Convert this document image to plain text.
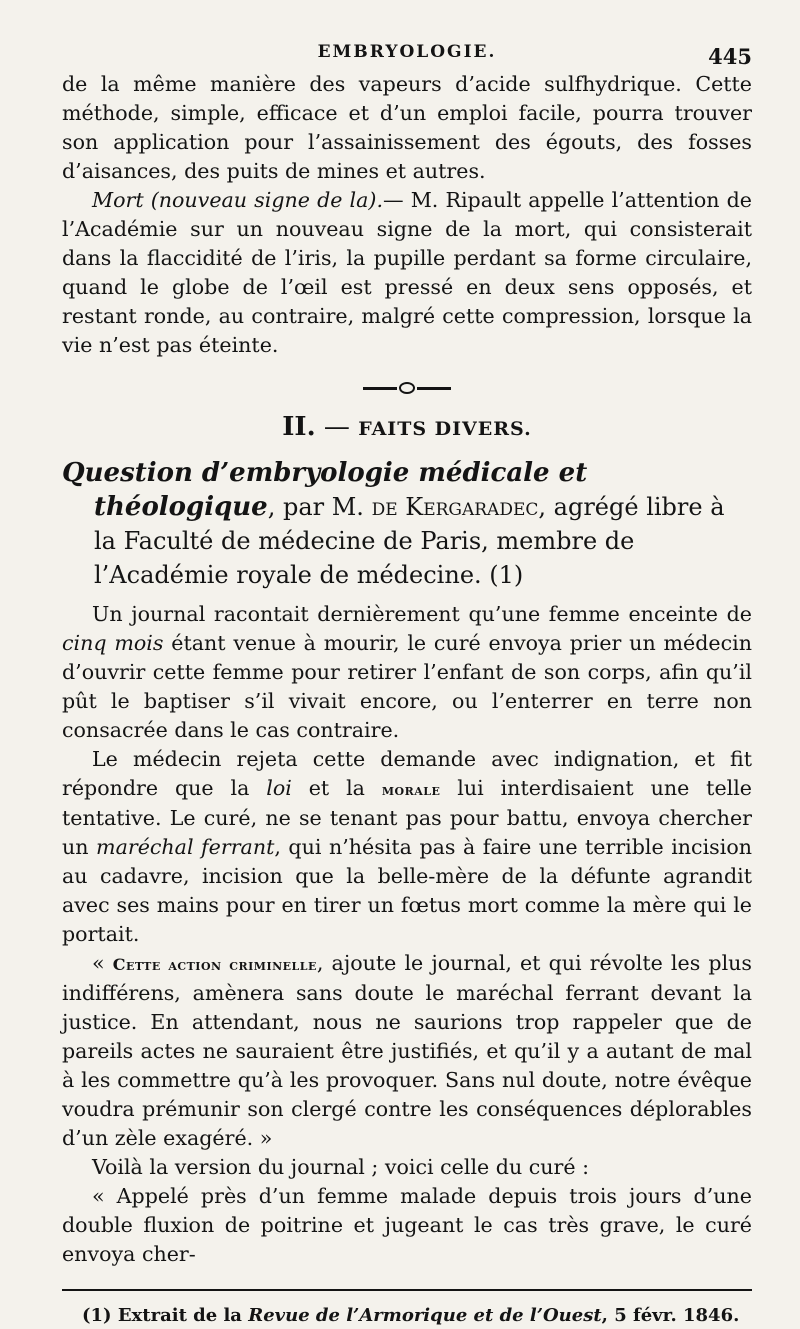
EMBRYOLOGIE.	445

de la même manière des vapeurs d’acide sulfhydrique. Cette méthode, simple, efficace et d’un emploi facile, pourra trouver son application pour l’assainissement des égouts, des fosses d’aisances, des puits de mines et autres.

Mort (nouveau signe de la).— M. Ripault appelle l’attention de l’Académie sur un nouveau signe de la mort, qui consisterait dans la flaccidité de l’iris, la pupille perdant sa forme circulaire, quand le globe de l’œil est pressé en deux sens opposés, et restant ronde, au contraire, malgré cette compression, lorsque la vie n’est pas éteinte.

II. — FAITS DIVERS.
Question d’embryologie médicale et théologique, par M. de Kergaradec, agrégé libre à la Faculté de médecine de Paris, membre de l’Académie royale de médecine. (1)

Un journal racontait dernièrement qu’une femme enceinte de cinq mois étant venue à mourir, le curé envoya prier un médecin d’ouvrir cette femme pour retirer l’enfant de son corps, afin qu’il pût le baptiser s’il vivait encore, ou l’enterrer en terre non consacrée dans le cas contraire.

Le médecin rejeta cette demande avec indignation, et fit répondre que la loi et la morale lui interdisaient une telle tentative. Le curé, ne se tenant pas pour battu, envoya chercher un maréchal ferrant, qui n’hésita pas à faire une terrible incision au cadavre, incision que la belle-mère de la défunte agrandit avec ses mains pour en tirer un fœtus mort comme la mère qui le portait.

« Cette action criminelle, ajoute le journal, et qui révolte les plus indifférens, amènera sans doute le maréchal ferrant devant la justice. En attendant, nous ne saurions trop rappeler que de pareils actes ne sauraient être justifiés, et qu’il y a autant de mal à les commettre qu’à les provoquer. Sans nul doute, notre évêque voudra prémunir son clergé contre les conséquences déplorables d’un zèle exagéré. »

Voilà la version du journal ; voici celle du curé :

« Appelé près d’un femme malade depuis trois jours d’une double fluxion de poitrine et jugeant le cas très grave, le curé envoya cher-

(1) Extrait de la Revue de l’Armorique et de l’Ouest, 5 févr. 1846.
